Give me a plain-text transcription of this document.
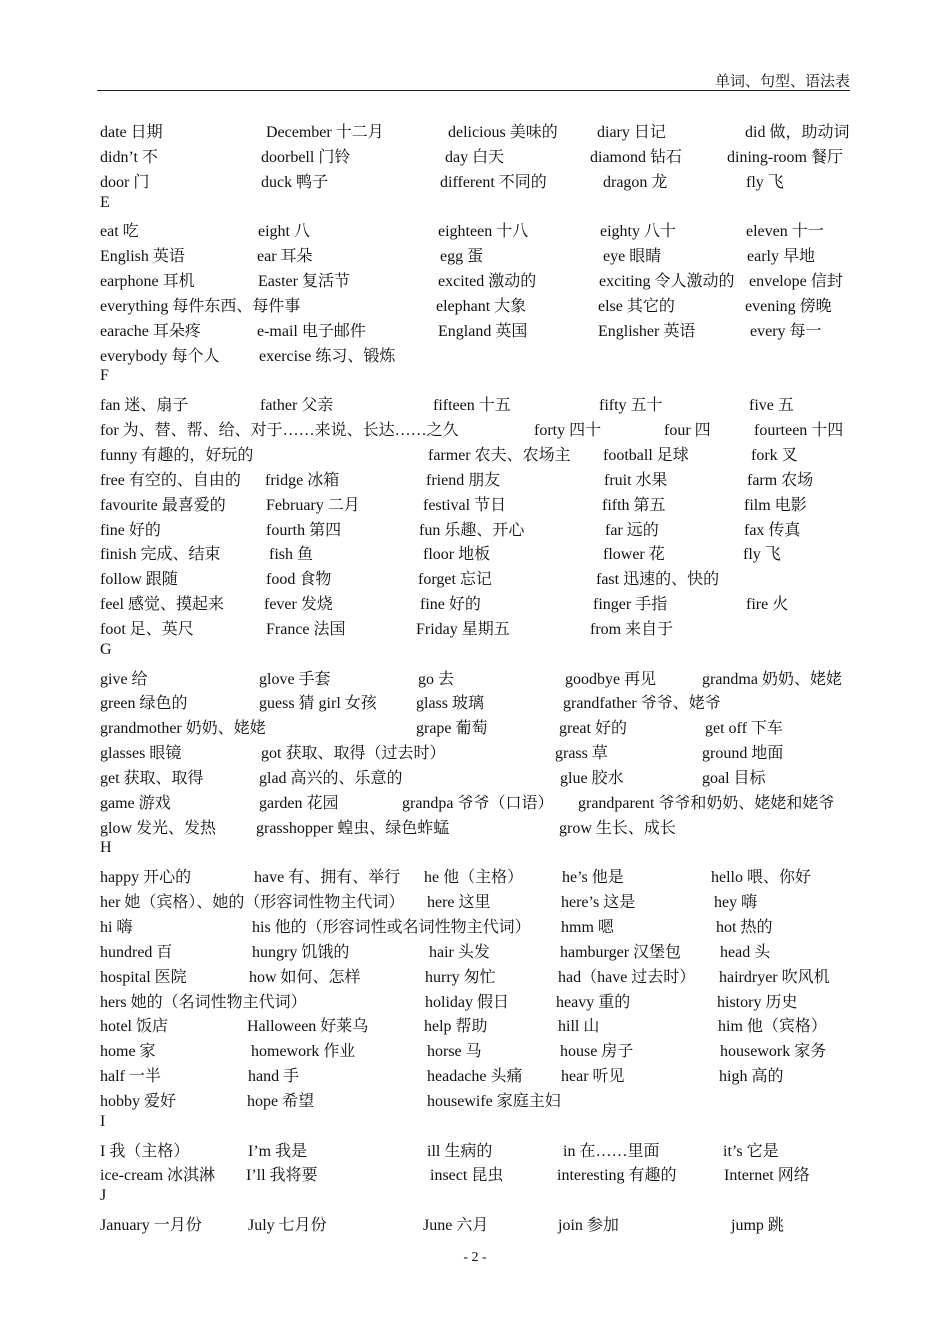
单词、句型、语法表
date 日期	December 十二月	delicious 美味的 diary 日记	did 做，助动词
didn’t 不	doorbell 门铃	day 白天	diamond 钻石	dining-room 餐厅
door 门	duck 鸭子	different 不同的	dragon 龙	fly 飞
E
eat 吃	eight 八	eighteen 十八	eighty 八十	eleven 十一
English 英语	ear 耳朵	egg 蛋	eye 眼睛	early 早地
earphone 耳机	Easter 复活节	excited 激动的	exciting 令人激动的 envelope 信封
everything 每件东西、每件事	elephant 大象	else 其它的	evening 傍晚
earache 耳朵疼	e-mail 电子邮件	England 英国	Englisher 英语	every 每一
everybody 每个人 exercise 练习、锻炼
F
fan 迷、扇子	father 父亲	fifteen 十五	fifty 五十	five 五
for 为、替、帮、给、对于……来说、长达……之久	forty 四十	four 四	fourteen 十四
funny 有趣的，好玩的	farmer 农夫、农场主 football 足球	fork 叉
free 有空的、自由的 fridge 冰箱	friend 朋友	fruit 水果	farm 农场
favourite 最喜爱的	February 二月	festival 节日	fifth 第五	film 电影
fine 好的	fourth 第四	fun 乐趣、开心	far 远的	fax 传真
finish 完成、结束	fish 鱼	floor 地板	flower 花	fly 飞
follow 跟随	food 食物	forget 忘记	fast 迅速的、快的
feel 感觉、摸起来	fever 发烧	fine 好的	finger 手指	fire 火
foot 足、英尺	France 法国	Friday 星期五	from 来自于
G
give 给	glove 手套	go 去	goodbye 再见	grandma 奶奶、姥姥
green 绿色的	guess 猜 girl 女孩 glass 玻璃	grandfather 爷爷、姥爷
grandmother 奶奶、姥姥	grape 葡萄	great 好的	get off 下车
glasses 眼镜	got 获取、取得（过去时）	grass 草	ground 地面
get 获取、取得	glad 高兴的、乐意的	glue 胶水	goal 目标
game 游戏	garden 花园	grandpa 爷爷（口语） grandparent 爷爷和奶奶、姥姥和姥爷
glow 发光、发热 grasshopper 蝗虫、绿色蚱蜢	grow 生长、成长
H
happy 开心的	have 有、拥有、举行 he 他（主格） he’s 他是	hello 喂、你好
her 她（宾格）、她的（形容词性物主代词） here 这里	here’s 这是	hey 嗨
hi 嗨	his 他的（形容词性或名词性物主代词） hmm 嗯	hot 热的
hundred 百	hungry 饥饿的	hair 头发	hamburger 汉堡包 head 头
hospital 医院	how 如何、怎样	hurry 匆忙	had（have 过去时） hairdryer 吹风机
hers 她的（名词性物主代词）	holiday 假日	heavy 重的	history 历史
hotel 饭店	Halloween 好莱乌	help 帮助	hill 山	him 他（宾格）
home 家	homework 作业	horse 马	house 房子	housework 家务
half 一半	hand 手	headache 头痛 hear 听见	high 高的
hobby 爱好	hope 希望	housewife 家庭主妇
I
I 我（主格）	I’m 我是	ill 生病的	in 在……里面	it’s 它是
ice-cream 冰淇淋 I’ll 我将要	insect 昆虫	interesting 有趣的	Internet 网络
J
January 一月份	July 七月份	June 六月	join 参加	jump 跳
- 2 -
